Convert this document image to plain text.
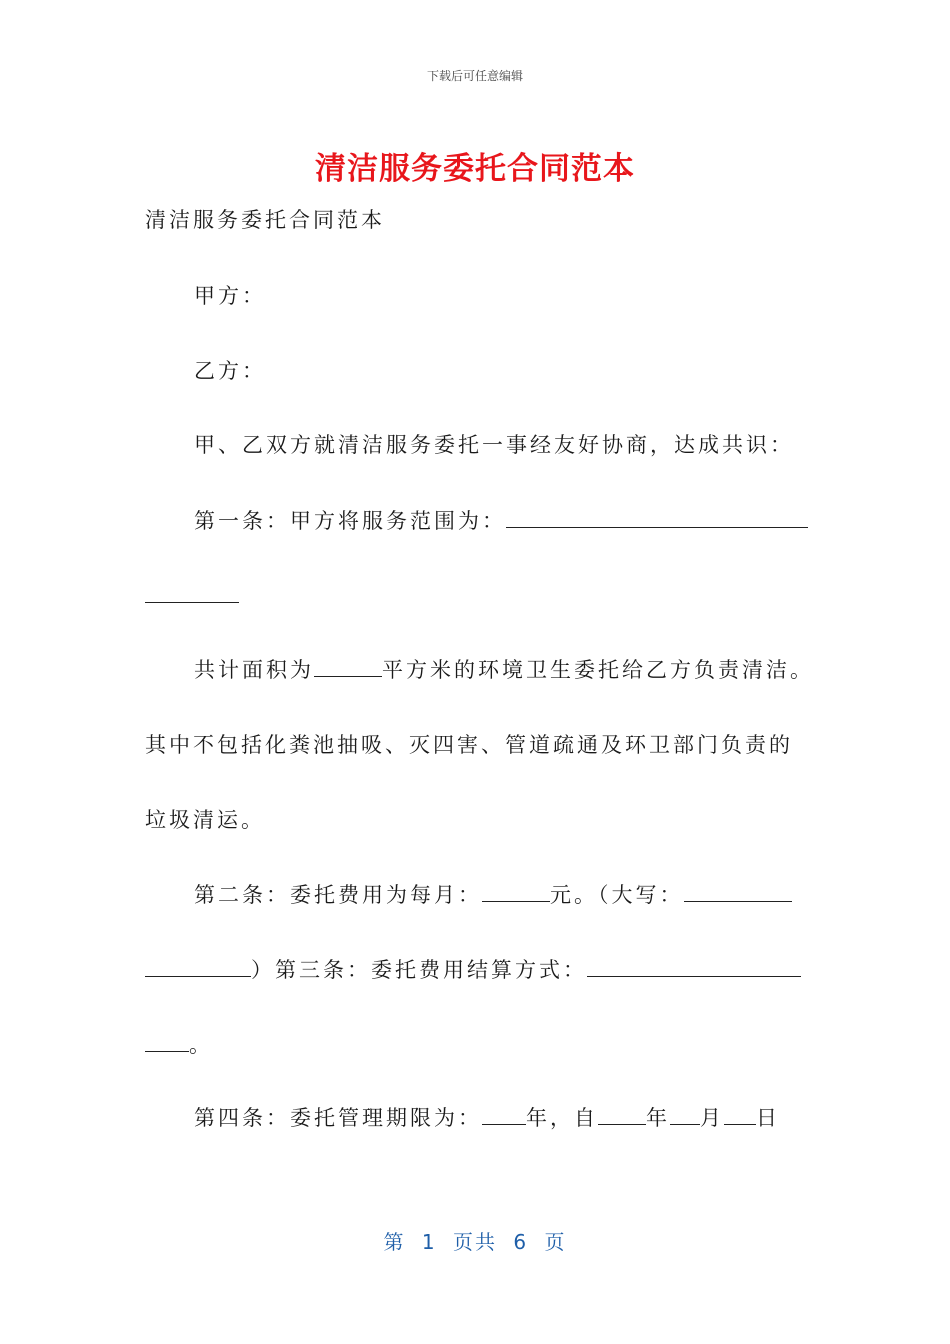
下载后可任意编辑
清洁服务委托合同范本
清洁服务委托合同范本
甲方：
乙方：
甲、乙双方就清洁服务委托一事经友好协商，达成共识：
第一条：甲方将服务范围为：
共计面积为	平方米的环境卫生委托给乙方负责清洁。
其中不包括化粪池抽吸、灭四害、管道疏通及环卫部门负责的
垃圾清运。
第二条：委托费用为每月：	元。（大写：
）第三条：委托费用结算方式：
。
第四条：委托管理期限为： 年，自 年 月 日
第 1 页共 6 页
